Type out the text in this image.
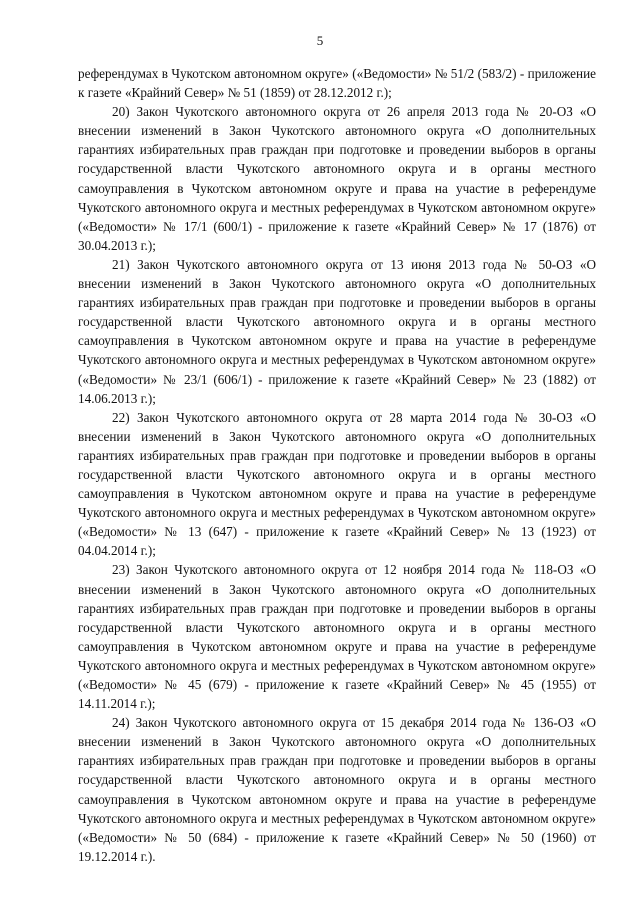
5

референдумах в Чукотском автономном округе» («Ведомости» № 51/2 (583/2) - приложение к газете «Крайний Север» № 51 (1859) от 28.12.2012 г.);

20) Закон Чукотского автономного округа от 26 апреля 2013 года № 20-ОЗ «О внесении изменений в Закон Чукотского автономного округа «О дополнительных гарантиях избирательных прав граждан при подготовке и проведении выборов в органы государственной власти Чукотского автономного округа и в органы местного самоуправления в Чукотском автономном округе и права на участие в референдуме Чукотского автономного округа и местных референдумах в Чукотском автономном округе» («Ведомости» № 17/1 (600/1) - приложение к газете «Крайний Север» № 17 (1876) от 30.04.2013 г.);

21) Закон Чукотского автономного округа от 13 июня 2013 года № 50-ОЗ «О внесении изменений в Закон Чукотского автономного округа «О дополнительных гарантиях избирательных прав граждан при подготовке и проведении выборов в органы государственной власти Чукотского автономного округа и в органы местного самоуправления в Чукотском автономном округе и права на участие в референдуме Чукотского автономного округа и местных референдумах в Чукотском автономном округе» («Ведомости» № 23/1 (606/1) - приложение к газете «Крайний Север» № 23 (1882) от 14.06.2013 г.);

22) Закон Чукотского автономного округа от 28 марта 2014 года № 30-ОЗ «О внесении изменений в Закон Чукотского автономного округа «О дополнительных гарантиях избирательных прав граждан при подготовке и проведении выборов в органы государственной власти Чукотского автономного округа и в органы местного самоуправления в Чукотском автономном округе и права на участие в референдуме Чукотского автономного округа и местных референдумах в Чукотском автономном округе» («Ведомости» № 13 (647) - приложение к газете «Крайний Север» № 13 (1923) от 04.04.2014 г.);

23) Закон Чукотского автономного округа от 12 ноября 2014 года № 118-ОЗ «О внесении изменений в Закон Чукотского автономного округа «О дополнительных гарантиях избирательных прав граждан при подготовке и проведении выборов в органы государственной власти Чукотского автономного округа и в органы местного самоуправления в Чукотском автономном округе и права на участие в референдуме Чукотского автономного округа и местных референдумах в Чукотском автономном округе» («Ведомости» № 45 (679) - приложение к газете «Крайний Север» № 45 (1955) от 14.11.2014 г.);

24) Закон Чукотского автономного округа от 15 декабря 2014 года № 136-ОЗ «О внесении изменений в Закон Чукотского автономного округа «О дополнительных гарантиях избирательных прав граждан при подготовке и проведении выборов в органы государственной власти Чукотского автономного округа и в органы местного самоуправления в Чукотском автономном округе и права на участие в референдуме Чукотского автономного округа и местных референдумах в Чукотском автономном округе» («Ведомости» № 50 (684) - приложение к газете «Крайний Север» № 50 (1960) от 19.12.2014 г.).
